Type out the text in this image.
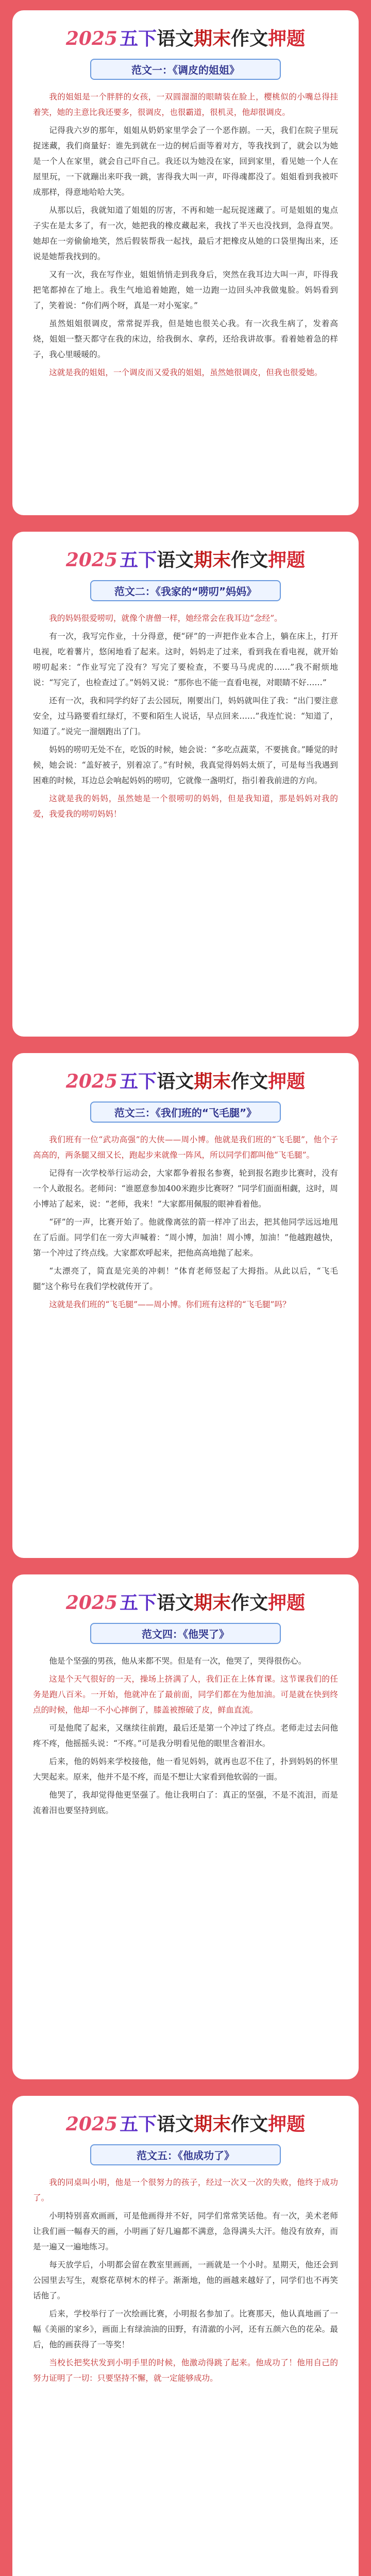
2025 五下语文期末作文押题
范文一：《调皮的姐姐》

我的姐姐是一个胖胖的女孩，一双圆溜溜的眼睛装在脸上，樱桃似的小嘴总得挂着笑，她的主意比我还要多，很调皮，也很霸道，很机灵，他却很调皮。

记得我六岁的那年，姐姐从奶奶家里学会了一个恶作剧。一天，我们在院子里玩捉迷藏，我们商量好：谁先到就在一边的树后面等着对方，等我找到了，就会以为她是一个人在家里，就会自己吓自己。我还以为她没在家，回到家里，看见她一个人在屋里玩，一下就蹦出来吓我一跳，害得我大叫一声，吓得魂都没了。姐姐看到我被吓成那样，得意地哈哈大笑。

从那以后，我就知道了姐姐的厉害，不再和她一起玩捉迷藏了。可是姐姐的鬼点子实在是太多了，有一次，她把我的橡皮藏起来，我找了半天也没找到，急得直哭。她却在一旁偷偷地笑，然后假装帮我一起找，最后才把橡皮从她的口袋里掏出来，还说是她帮我找到的。

又有一次，我在写作业，姐姐悄悄走到我身后，突然在我耳边大叫一声，吓得我把笔都掉在了地上。我生气地追着她跑，她一边跑一边回头冲我做鬼脸。妈妈看到了，笑着说：“你们两个呀，真是一对小冤家。”

虽然姐姐很调皮，常常捉弄我，但是她也很关心我。有一次我生病了，发着高烧，姐姐一整天都守在我的床边，给我倒水、拿药，还给我讲故事。看着她着急的样子，我心里暖暖的。

这就是我的姐姐，一个调皮而又爱我的姐姐，虽然她很调皮，但我也很爱她。

2025 五下语文期末作文押题
范文二：《我家的“唠叨”妈妈》

我的妈妈很爱唠叨，就像个唐僧一样，她经常会在我耳边“念经”。

有一次，我写完作业，十分得意，便“砰”的一声把作业本合上，躺在床上，打开电视，吃着薯片，悠闲地看了起来。这时，妈妈走了过来，看到我在看电视，就开始唠叨起来：“作业写完了没有？写完了要检查，不要马马虎虎的……”我不耐烦地说：“写完了，也检查过了。”妈妈又说：“那你也不能一直看电视，对眼睛不好……”

还有一次，我和同学约好了去公园玩，刚要出门，妈妈就叫住了我：“出门要注意安全，过马路要看红绿灯，不要和陌生人说话，早点回来……”我连忙说：“知道了，知道了。”说完一溜烟跑出了门。

妈妈的唠叨无处不在，吃饭的时候，她会说：“多吃点蔬菜，不要挑食。”睡觉的时候，她会说：“盖好被子，别着凉了。”有时候，我真觉得妈妈太烦了，可是每当我遇到困难的时候，耳边总会响起妈妈的唠叨，它就像一盏明灯，指引着我前进的方向。

这就是我的妈妈，虽然她是一个很唠叨的妈妈，但是我知道，那是妈妈对我的爱，我爱我的唠叨妈妈！

2025 五下语文期末作文押题
范文三：《我们班的“飞毛腿”》

我们班有一位“武功高强”的大侠——周小博。他就是我们班的“飞毛腿”，他个子高高的，两条腿又细又长，跑起步来就像一阵风，所以同学们都叫他“飞毛腿”。

记得有一次学校举行运动会，大家都争着报名参赛，轮到报名跑步比赛时，没有一个人敢报名。老师问：“谁愿意参加400米跑步比赛呀？”同学们面面相觑，这时，周小博站了起来，说：“老师，我来！”大家都用佩服的眼神看着他。

“砰”的一声，比赛开始了。他就像离弦的箭一样冲了出去，把其他同学远远地甩在了后面。同学们在一旁大声喊着：“周小博，加油！周小博，加油！”他越跑越快，第一个冲过了终点线。大家都欢呼起来，把他高高地抛了起来。

“太漂亮了，简直是完美的冲刺！”体育老师竖起了大拇指。从此以后，“飞毛腿”这个称号在我们学校就传开了。

这就是我们班的“飞毛腿”——周小博。你们班有这样的“飞毛腿”吗？

2025 五下语文期末作文押题
范文四：《他哭了》

他是个坚强的男孩，他从来都不哭。但是有一次，他哭了，哭得很伤心。

这是个天气很好的一天，操场上挤满了人，我们正在上体育课。这节课我们的任务是跑八百米。一开始，他就冲在了最前面，同学们都在为他加油。可是就在快到终点的时候，他却一不小心摔倒了，膝盖被擦破了皮，鲜血直流。

可是他爬了起来，又继续往前跑，最后还是第一个冲过了终点。老师走过去问他疼不疼，他摇摇头说：“不疼。”可是我分明看见他的眼里含着泪水。

后来，他的妈妈来学校接他，他一看见妈妈，就再也忍不住了，扑到妈妈的怀里大哭起来。原来，他并不是不疼，而是不想让大家看到他软弱的一面。

他哭了，我却觉得他更坚强了。他让我明白了：真正的坚强，不是不流泪，而是流着泪也要坚持到底。

2025 五下语文期末作文押题
范文五：《他成功了》

我的同桌叫小明，他是一个很努力的孩子，经过一次又一次的失败，他终于成功了。

小明特别喜欢画画，可是他画得并不好，同学们常常笑话他。有一次，美术老师让我们画一幅春天的画，小明画了好几遍都不满意，急得满头大汗。他没有放弃，而是一遍又一遍地练习。

每天放学后，小明都会留在教室里画画，一画就是一个小时。星期天，他还会到公园里去写生，观察花草树木的样子。渐渐地，他的画越来越好了，同学们也不再笑话他了。

后来，学校举行了一次绘画比赛，小明报名参加了。比赛那天，他认真地画了一幅《美丽的家乡》，画面上有绿油油的田野，有清澈的小河，还有五颜六色的花朵。最后，他的画获得了一等奖！

当校长把奖状发到小明手里的时候，他激动得跳了起来。他成功了！他用自己的努力证明了一切：只要坚持不懈，就一定能够成功。
